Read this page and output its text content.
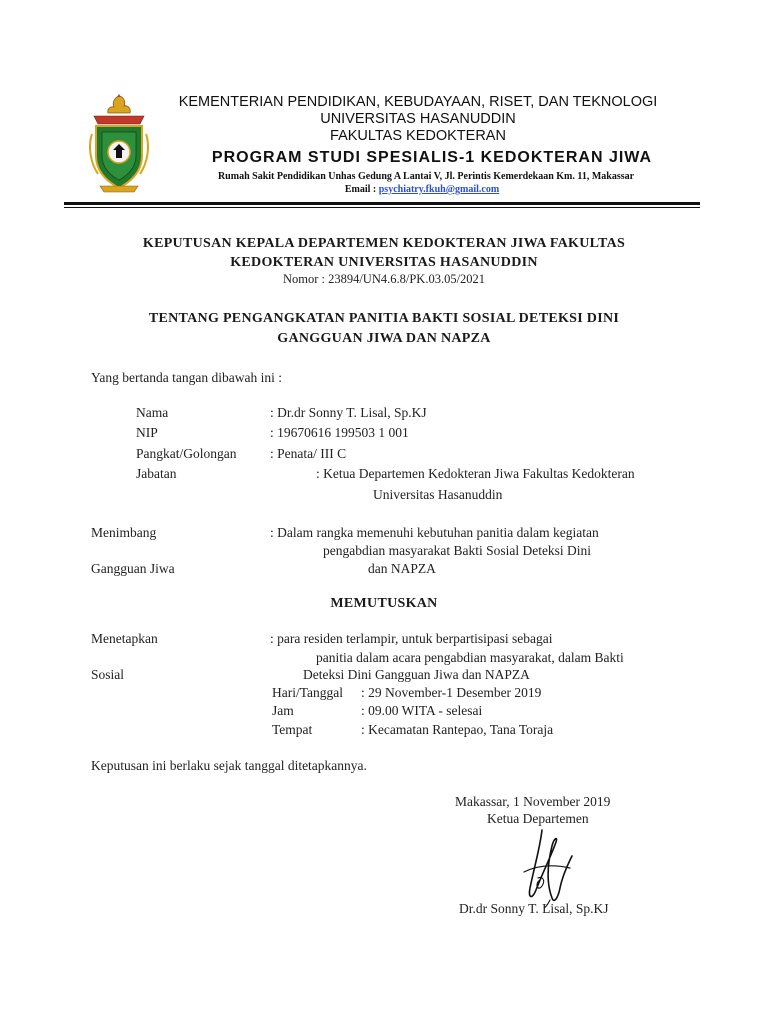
KEMENTERIAN PENDIDIKAN, KEBUDAYAAN, RISET, DAN TEKNOLOGI
UNIVERSITAS HASANUDDIN
FAKULTAS KEDOKTERAN
PROGRAM STUDI SPESIALIS-1 KEDOKTERAN JIWA
Rumah Sakit Pendidikan Unhas Gedung A Lantai V, Jl. Perintis Kemerdekaan Km. 11, Makassar
Email : psychiatry.fkuh@gmail.com
KEPUTUSAN KEPALA DEPARTEMEN KEDOKTERAN JIWA FAKULTAS
KEDOKTERAN UNIVERSITAS HASANUDDIN
Nomor : 23894/UN4.6.8/PK.03.05/2021
TENTANG PENGANGKATAN PANITIA BAKTI SOSIAL DETEKSI DINI
GANGGUAN JIWA DAN NAPZA
Yang bertanda tangan dibawah ini :
Nama	: Dr.dr Sonny T. Lisal, Sp.KJ
NIP	: 19670616 199503 1 001
Pangkat/Golongan : Penata/ III C
Jabatan	: Ketua Departemen Kedokteran Jiwa Fakultas Kedokteran
Universitas Hasanuddin
Menimbang	: Dalam rangka memenuhi kebutuhan panitia dalam kegiatan
pengabdian masyarakat Bakti Sosial Deteksi Dini
Gangguan Jiwa	dan NAPZA
MEMUTUSKAN
Menetapkan	: para residen terlampir, untuk berpartisipasi sebagai
panitia dalam acara pengabdian masyarakat, dalam Bakti
Sosial	Deteksi Dini Gangguan Jiwa dan NAPZA
Hari/Tanggal : 29 November-1 Desember 2019
Jam	: 09.00 WITA - selesai
Tempat	: Kecamatan Rantepao, Tana Toraja
Keputusan ini berlaku sejak tanggal ditetapkannya.
Makassar, 1 November 2019
Ketua Departemen
Dr.dr Sonny T. Lisal, Sp.KJ
